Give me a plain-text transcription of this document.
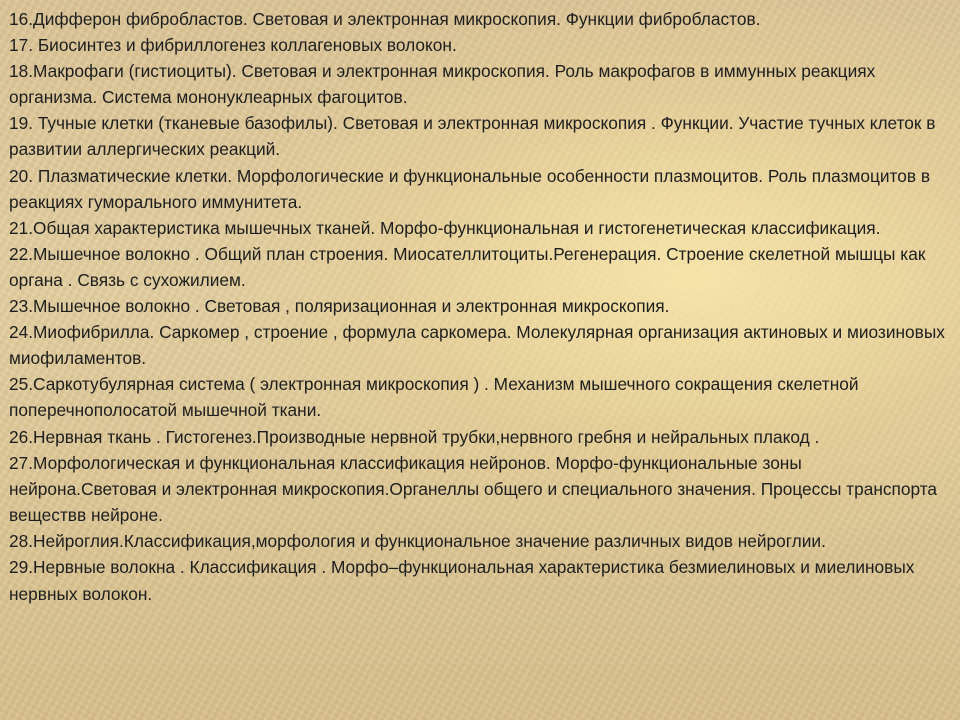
16.Дифферон фибробластов. Световая и электронная микроскопия. Функции фибробластов.

17. Биосинтез и фибриллогенез коллагеновых волокон.

18.Макрофаги (гистиоциты). Световая и электронная микроскопия. Роль макрофагов в иммунных реакциях организма. Система мононуклеарных фагоцитов.

19. Тучные клетки (тканевые базофилы). Световая и электронная микроскопия . Функции. Участие тучных клеток в развитии аллергических реакций.

20. Плазматические клетки. Морфологические и функциональные особенности плазмоцитов. Роль плазмоцитов в реакциях гуморального иммунитета.

21.Общая характеристика мышечных тканей. Морфо-функциональная и гистогенетическая классификация.

22.Мышечное волокно . Общий план строения. Миосателлитоциты.Регенерация. Строение скелетной мышцы как органа . Связь с сухожилием.

23.Мышечное волокно . Световая , поляризационная и электронная микроскопия.

24.Миофибрилла. Саркомер , строение , формула саркомера. Молекулярная организация актиновых и миозиновых миофиламентов.

25.Саркотубулярная система ( электронная микроскопия ) . Механизм мышечного сокращения скелетной поперечнополосатой мышечной ткани.

26.Нервная ткань . Гистогенез.Производные нервной трубки,нервного гребня и нейральных плакод .

27.Морфологическая и функциональная классификация нейронов. Морфо-функциональные зоны нейрона.Световая и электронная микроскопия.Органеллы общего и специального значения. Процессы транспорта веществв нейроне.

28.Нейроглия.Классификация,морфология и функциональное значение различных видов нейроглии.

29.Нервные волокна . Классификация . Морфо–функциональная характеристика безмиелиновых и миелиновых нервных волокон.
